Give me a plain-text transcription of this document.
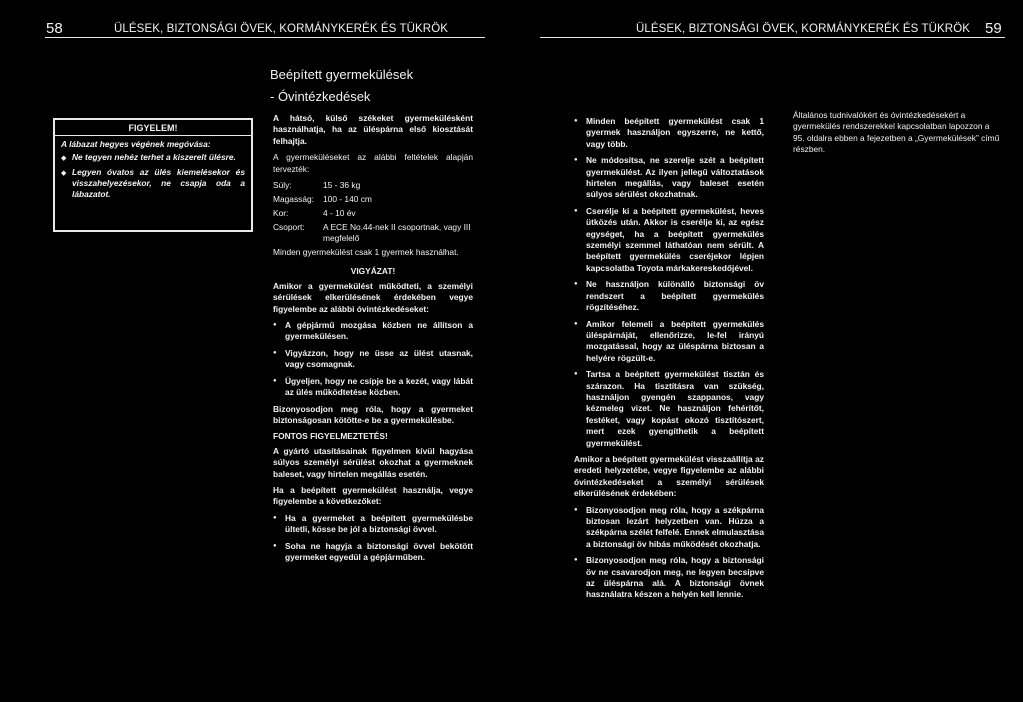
58	ÜLÉSEK, BIZTONSÁGI ÖVEK, KORMÁNYKERÉK ÉS TÜKRÖK	ÜLÉSEK, BIZTONSÁGI ÖVEK, KORMÁNYKERÉK ÉS TÜKRÖK 59
Beépített gyermekülések
- Óvintézkedések
FIGYELEM!
A lábazat hegyes végének megóvása:
◆ Ne tegyen nehéz terhet a kiszerelt ülésre.
◆ Legyen óvatos az ülés kiemelésekor és visszahelyezésekor, ne csapja oda a lábazatot.

A hátsó, külső székeket gyermekülésként használhatja, ha az üléspárna első kiosztását felhajtja.

A gyermeküléseket az alábbi feltételek alapján tervezték:

Súly:	15 - 36 kg
Magasság:	100 - 140 cm
Kor:	4 - 10 év
Csoport:	A ECE No.44-nek II csoportnak, vagy III megfelelő

Minden gyermekülést csak 1 gyermek használhat.

VIGYÁZAT!

Amikor a gyermekülést működteti, a személyi sérülések elkerülésének érdekében vegye figyelembe az alábbi óvintézkedéseket:

● A gépjármű mozgása közben ne állítson a gyermekülésen.
● Vigyázzon, hogy ne üsse az ülést utasnak, vagy csomagnak.
● Ügyeljen, hogy ne csípje be a kezét, vagy lábát az ülés működtetése közben.

Bizonyosodjon meg róla, hogy a gyermeket biztonságosan kötötte-e be a gyermekülésbe.

FONTOS FIGYELMEZTETÉS!

A gyártó utasításainak figyelmen kívül hagyása súlyos személyi sérülést okozhat a gyermeknek baleset, vagy hirtelen megállás esetén.

Ha a beépített gyermekülést használja, vegye figyelembe a következőket:

● Ha a gyermeket a beépített gyermekülésbe ültetli, kösse be jól a biztonsági övvel.
● Soha ne hagyja a biztonsági övvel bekötött gyermeket egyedül a gépjárműben.
● Minden beépített gyermekülést csak 1 gyermek használjon egyszerre, ne kettő, vagy több.
● Ne módosítsa, ne szerelje szét a beépített gyermekülést. Az ilyen jellegű változtatások hirtelen megállás, vagy baleset esetén súlyos sérülést okozhatnak.
● Cserélje ki a beépített gyermekülést, heves ütközés után. Akkor is cserélje ki, az egész egységet, ha a beépített gyermekülés személyi szemmel láthatóan nem sérült. A beépített gyermekülés cseréjekor lépjen kapcsolatba Toyota márkakereskedőjével.
● Ne használjon különálló biztonsági öv rendszert a beépített gyermekülés rögzítéséhez.
● Amikor felemeli a beépített gyermekülés üléspárnáját, ellenőrizze, le-fel irányú mozgatással, hogy az üléspárna biztosan a helyére rögzült-e.
● Tartsa a beépített gyermekülést tisztán és szárazon. Ha tisztításra van szükség, használjon gyengén szappanos, vagy kézmeleg vizet. Ne használjon fehérítőt, festéket, vagy kopást okozó tisztítószert, mert ezek gyengíthetik a beépített gyermekülést.

Amikor a beépített gyermekülést visszaállítja az eredeti helyzetébe, vegye figyelembe az alábbi óvintézkedéseket a személyi sérülések elkerülésének érdekében:

● Bizonyosodjon meg róla, hogy a székpárna biztosan lezárt helyzetben van. Húzza a székpárna szélét felfelé. Ennek elmulasztása a biztonsági öv hibás működését okozhatja.
● Bizonyosodjon meg róla, hogy a biztonsági öv ne csavarodjon meg, ne legyen becsípve az üléspárna alá. A biztonsági övnek használatra készen a helyén kell lennie.
Általános tudnivalókért és óvintézkedésekért a gyermekülés rendszerekkel kapcsolatban lapozzon a 95. oldalra ebben a fejezetben a „Gyermekülések” című részben.
